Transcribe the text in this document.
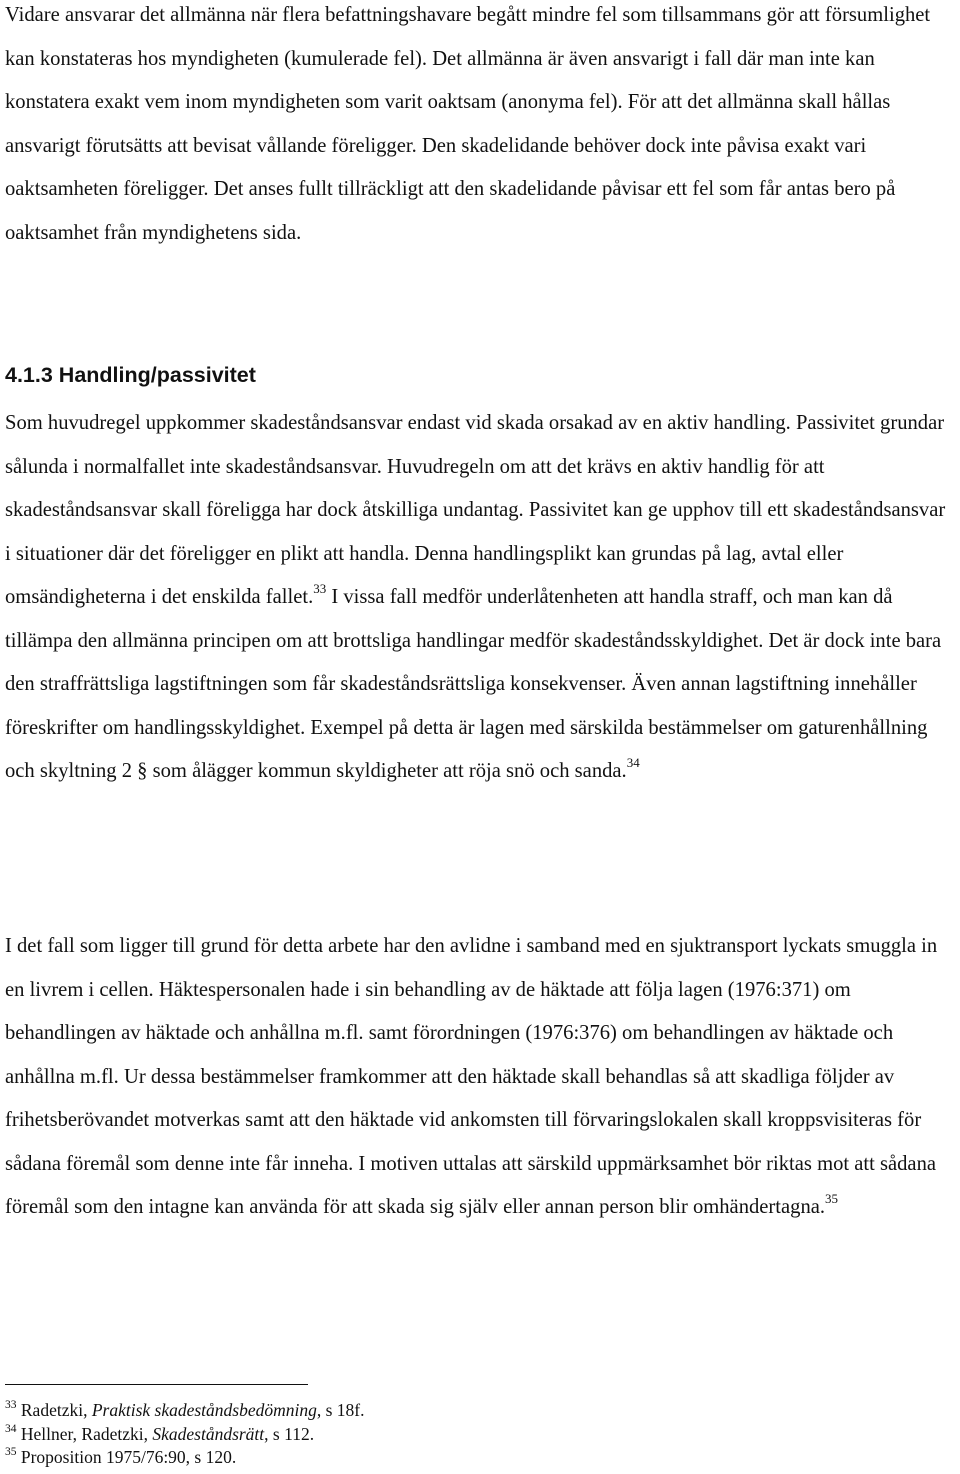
Vidare ansvarar det allmänna när flera befattningshavare begått mindre fel som tillsammans gör att försumlighet kan konstateras hos myndigheten (kumulerade fel). Det allmänna är även ansvarigt i fall där man inte kan konstatera exakt vem inom myndigheten som varit oaktsam (anonyma fel). För att det allmänna skall hållas ansvarigt förutsätts att bevisat vållande föreligger. Den skadelidande behöver dock inte påvisa exakt vari oaktsamheten föreligger. Det anses fullt tillräckligt att den skadelidande påvisar ett fel som får antas bero på oaktsamhet från myndighetens sida.

4.1.3 Handling/passivitet

Som huvudregel uppkommer skadeståndsansvar endast vid skada orsakad av en aktiv handling. Passivitet grundar sålunda i normalfallet inte skadeståndsansvar. Huvudregeln om att det krävs en aktiv handlig för att skadeståndsansvar skall föreligga har dock åtskilliga undantag. Passivitet kan ge upphov till ett skadeståndsansvar i situationer där det föreligger en plikt att handla. Denna handlingsplikt kan grundas på lag, avtal eller omsändigheterna i det enskilda fallet.$^{33}$ I vissa fall medför underlåtenheten att handla straff, och man kan då tillämpa den allmänna principen om att brottsliga handlingar medför skadeståndsskyldighet. Det är dock inte bara den straffrättsliga lagstiftningen som får skadeståndsrättsliga konsekvenser. Även annan lagstiftning innehåller föreskrifter om handlingsskyldighet. Exempel på detta är lagen med särskilda bestämmelser om gaturenhållning och skyltning 2 § som ålägger kommun skyldigheter att röja snö och sanda.$^{34}$

I det fall som ligger till grund för detta arbete har den avlidne i samband med en sjuktransport lyckats smuggla in en livrem i cellen. Häktespersonalen hade i sin behandling av de häktade att följa lagen (1976:371) om behandlingen av häktade och anhållna m.fl. samt förordningen (1976:376) om behandlingen av häktade och anhållna m.fl. Ur dessa bestämmelser framkommer att den häktade skall behandlas så att skadliga följder av frihetsberövandet motverkas samt att den häktade vid ankomsten till förvaringslokalen skall kroppsvisiteras för sådana föremål som denne inte får inneha. I motiven uttalas att särskild uppmärksamhet bör riktas mot att sådana föremål som den intagne kan använda för att skada sig själv eller annan person blir omhändertagna.$^{35}$

$^{33}$ Radetzki, Praktisk skadeståndsbedömning, s 18f.

$^{34}$ Hellner, Radetzki, Skadeståndsrätt, s 112.

$^{35}$ Proposition 1975/76:90, s 120.
